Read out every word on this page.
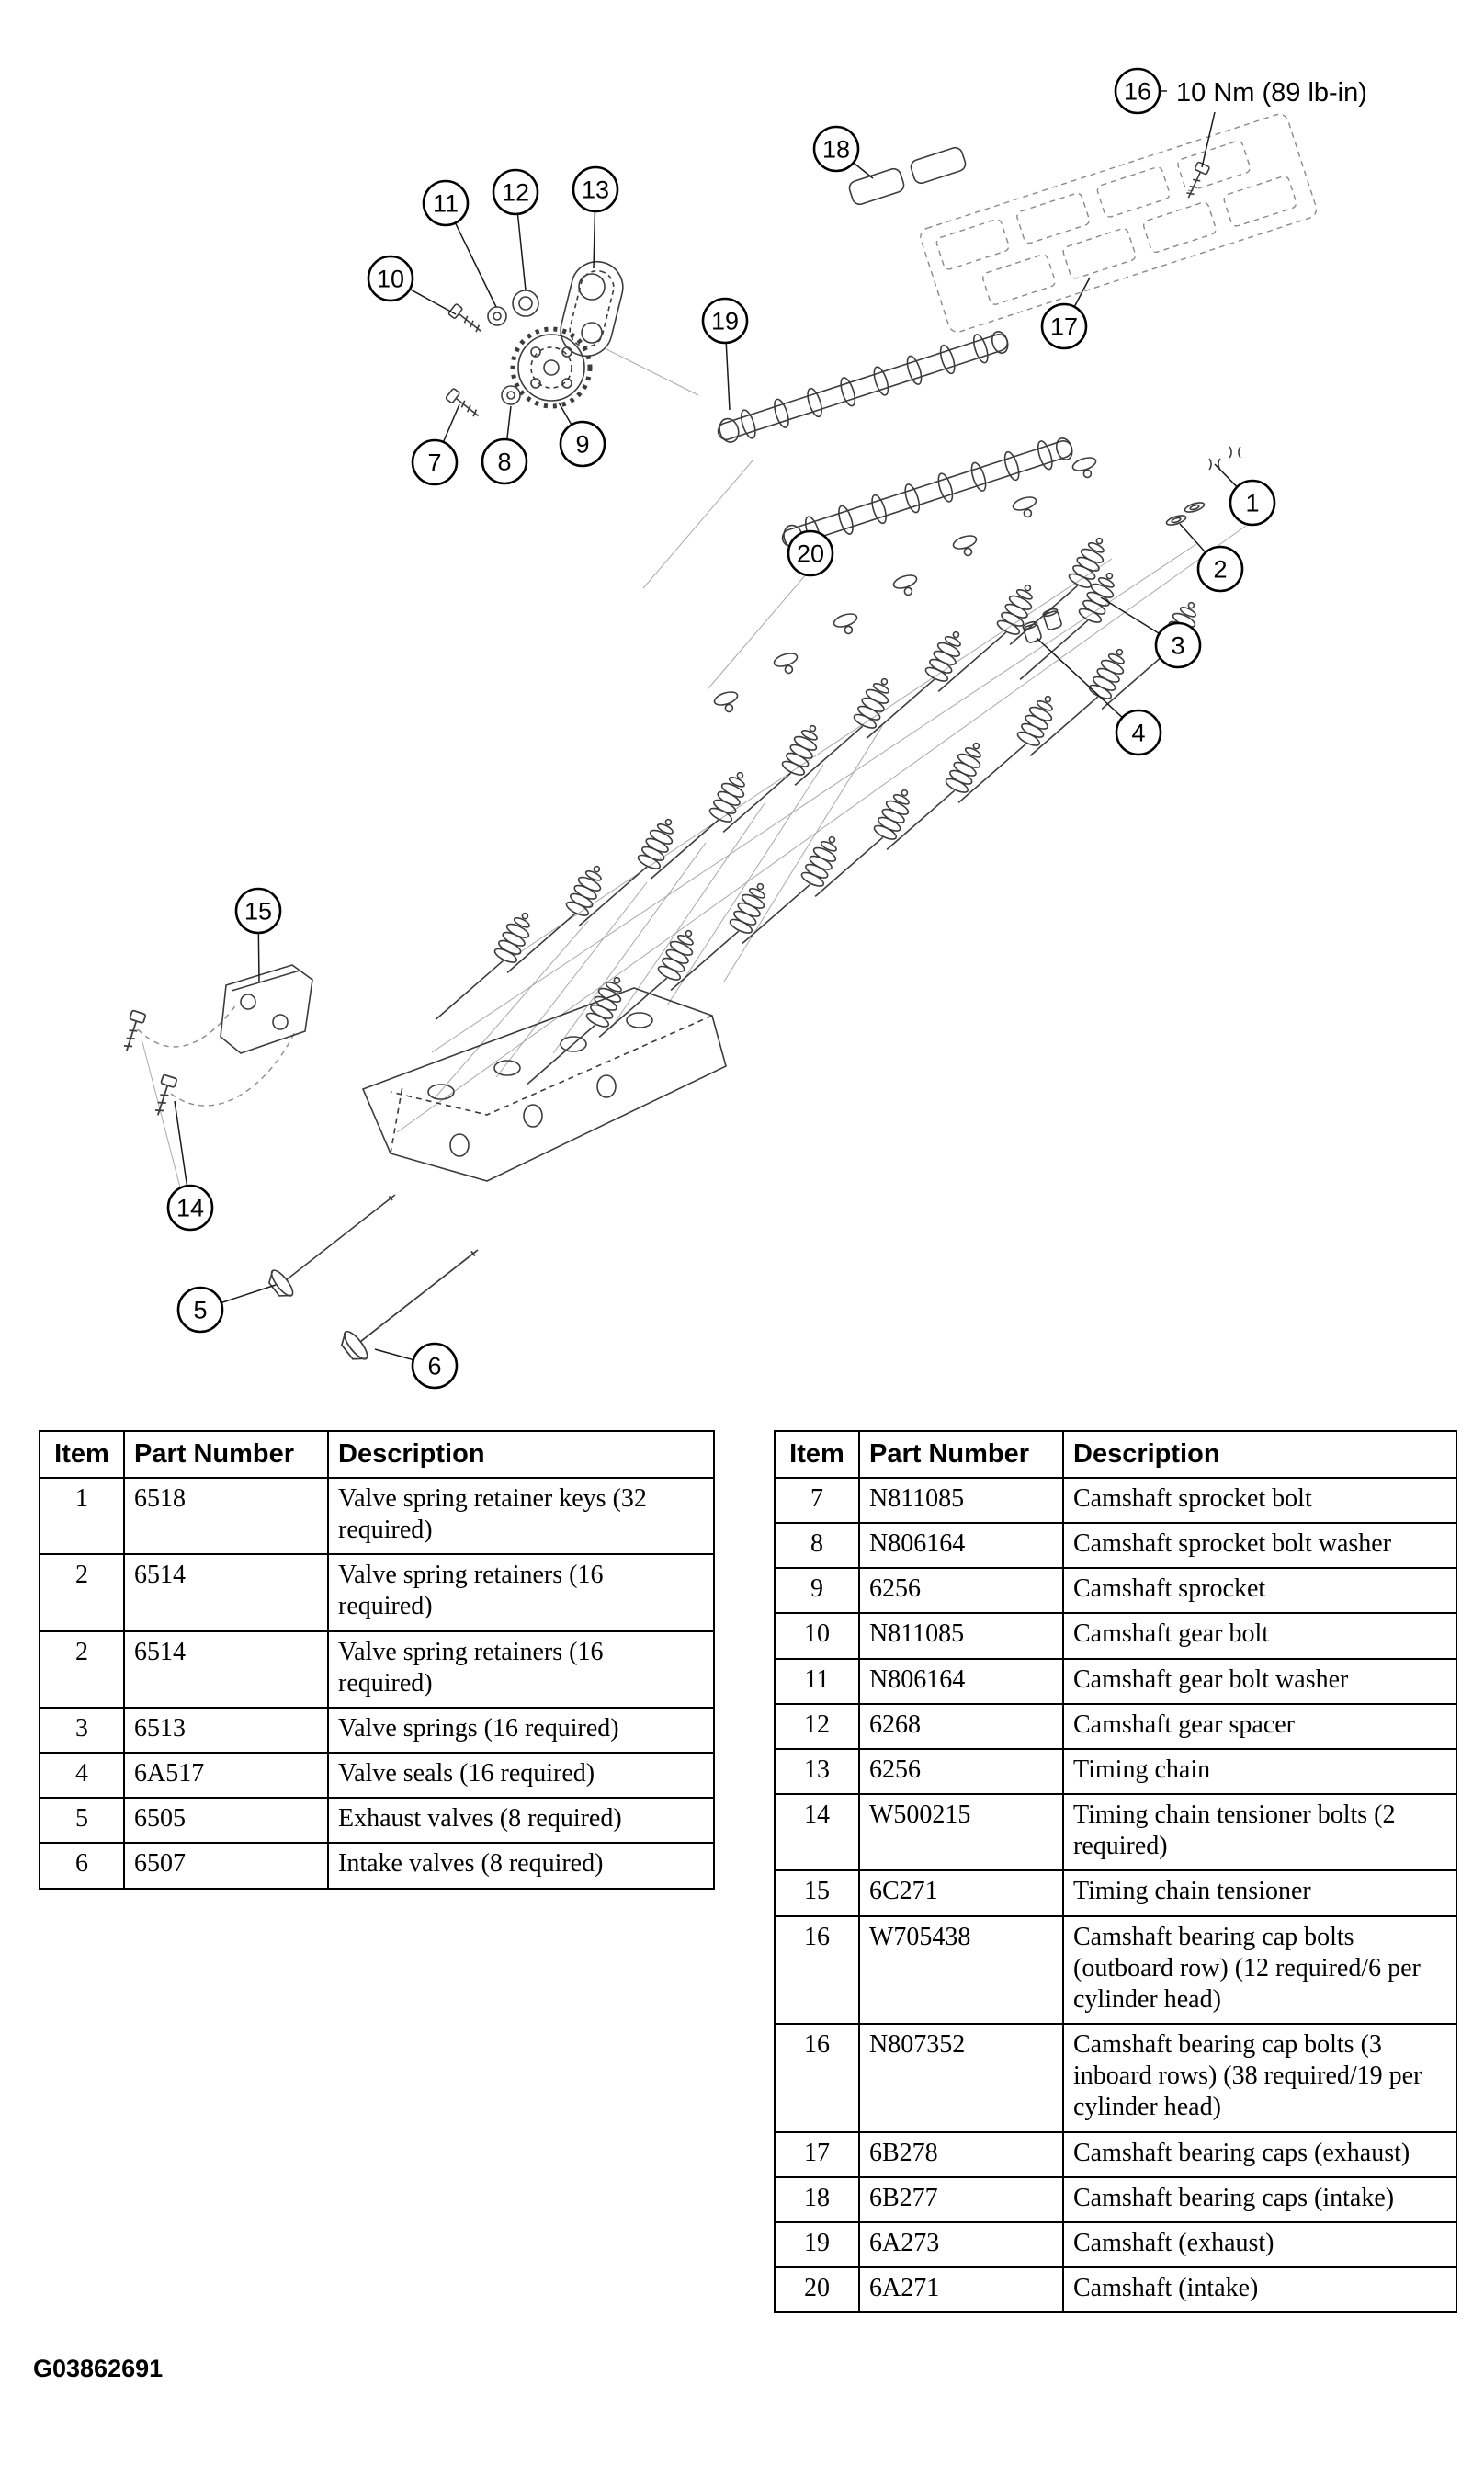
1
2
3
4
5
6
7 8
9
10
11 12 13
14
15
16
17
18
19
20
10 Nm (89 lb-in)
Item	Part Number	Description
1	6518	Valve spring retainer keys (32 required)
2	6514	Valve spring retainers (16 required)
2	6514	Valve spring retainers (16 required)
3	6513	Valve springs (16 required)
4	6A517	Valve seals (16 required)
5	6505	Exhaust valves (8 required)
6	6507	Intake valves (8 required)
Item	Part Number	Description
7	N811085	Camshaft sprocket bolt
8	N806164	Camshaft sprocket bolt washer
9	6256	Camshaft sprocket
10	N811085	Camshaft gear bolt
11	N806164	Camshaft gear bolt washer
12	6268	Camshaft gear spacer
13	6256	Timing chain
14	W500215	Timing chain tensioner bolts (2 required)
15	6C271	Timing chain tensioner
16	W705438	Camshaft bearing cap bolts (outboard row) (12 required/6 per cylinder head)
16	N807352	Camshaft bearing cap bolts (3 inboard rows) (38 required/19 per cylinder head)
17	6B278	Camshaft bearing caps (exhaust)
18	6B277	Camshaft bearing caps (intake)
19	6A273	Camshaft (exhaust)
20	6A271	Camshaft (intake)
G03862691
